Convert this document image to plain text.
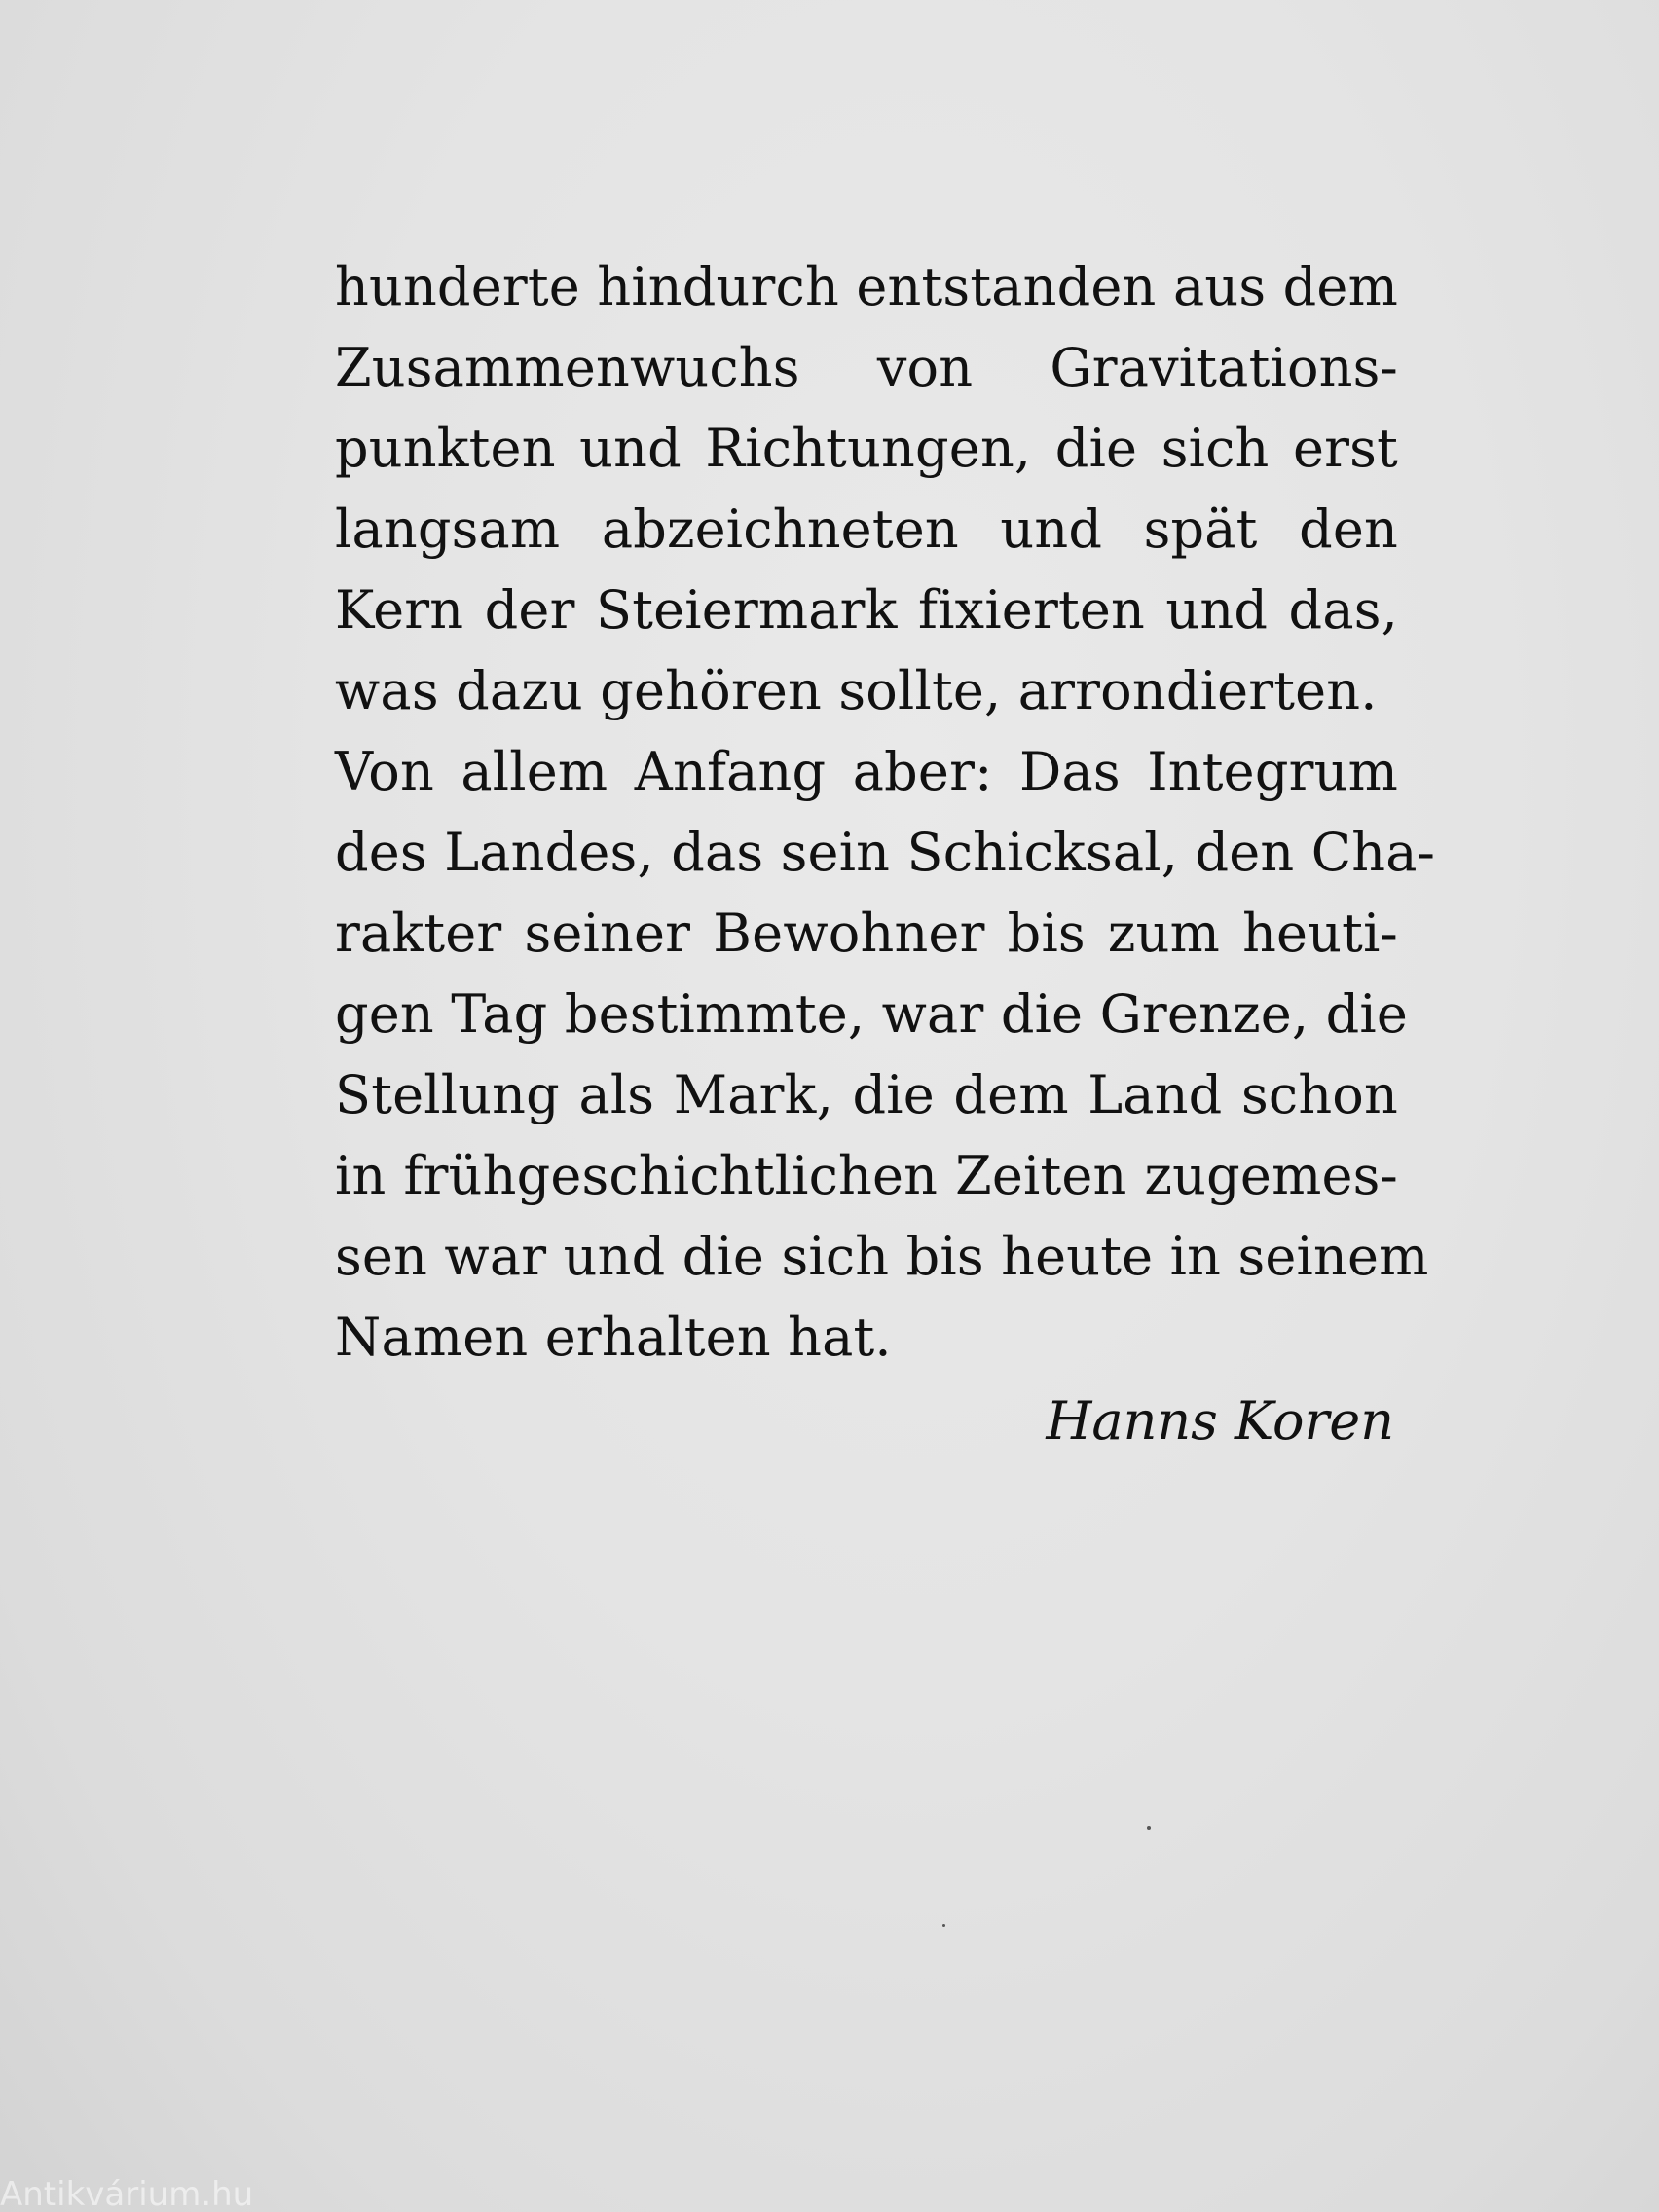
hunderte hindurch entstanden aus dem
Zusammenwuchs von Gravitations-
punkten und Richtungen, die sich erst
langsam abzeichneten und spät den
Kern der Steiermark fixierten und das,
was dazu gehören sollte, arrondierten.
Von allem Anfang aber: Das Integrum
des Landes, das sein Schicksal, den Cha-
rakter seiner Bewohner bis zum heuti-
gen Tag bestimmte, war die Grenze, die
Stellung als Mark, die dem Land schon
in frühgeschichtlichen Zeiten zugemes-
sen war und die sich bis heute in seinem
Namen erhalten hat.
Hanns Koren
Antikvárium.hu
